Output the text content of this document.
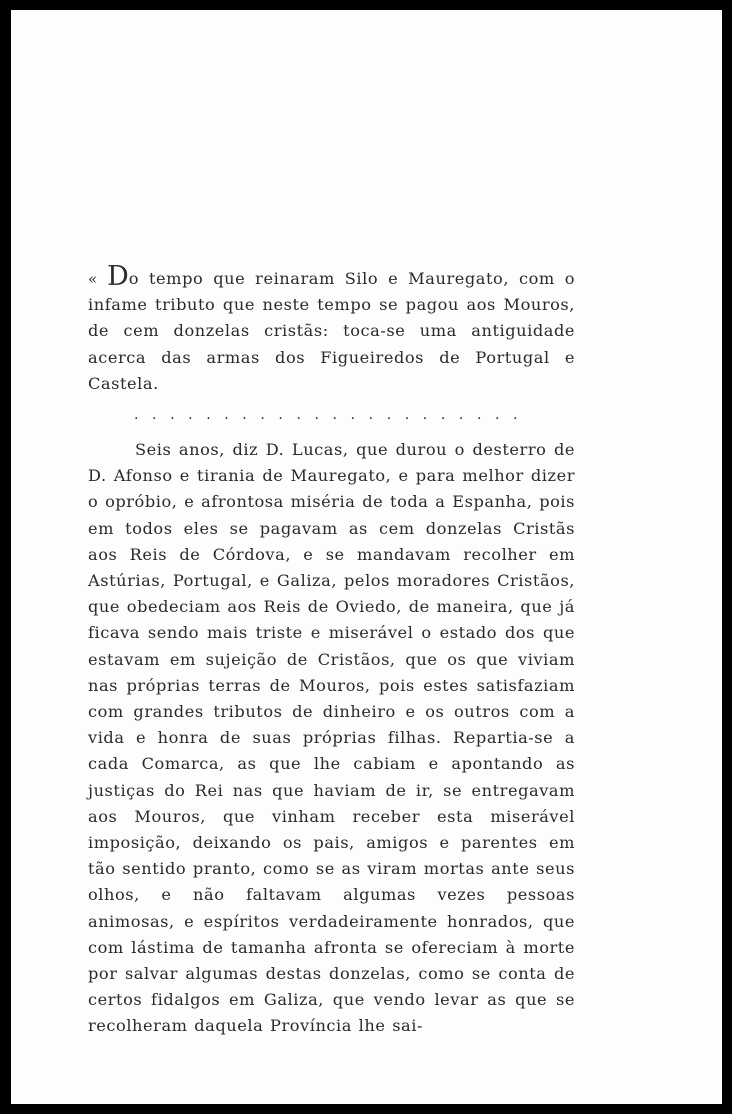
« Do tempo que reinaram Silo e Mauregato, com o infame tributo que neste tempo se pagou aos Mouros, de cem donzelas cristãs: toca-se uma antiguidade acerca das armas dos Figueiredos de Portugal e Castela.

......................

Seis anos, diz D. Lucas, que durou o desterro de D. Afonso e tirania de Mauregato, e para melhor dizer o opróbio, e afrontosa miséria de toda a Espanha, pois em todos eles se pagavam as cem donzelas Cristãs aos Reis de Córdova, e se mandavam recolher em Astúrias, Portugal, e Galiza, pelos moradores Cristãos, que obedeciam aos Reis de Oviedo, de maneira, que já ficava sendo mais triste e miserável o estado dos que estavam em sujeição de Cristãos, que os que viviam nas próprias terras de Mouros, pois estes satisfaziam com grandes tributos de dinheiro e os outros com a vida e honra de suas próprias filhas. Repartia-se a cada Comarca, as que lhe cabiam e apontando as justiças do Rei nas que haviam de ir, se entregavam aos Mouros, que vinham receber esta miserável imposição, deixando os pais, amigos e parentes em tão sentido pranto, como se as viram mortas ante seus olhos, e não faltavam algumas vezes pessoas animosas, e espíritos verdadeiramente honrados, que com lástima de tamanha afronta se ofereciam à morte por salvar algumas destas donzelas, como se conta de certos fidalgos em Galiza, que vendo levar as que se recolheram daquela Província lhe sai-
